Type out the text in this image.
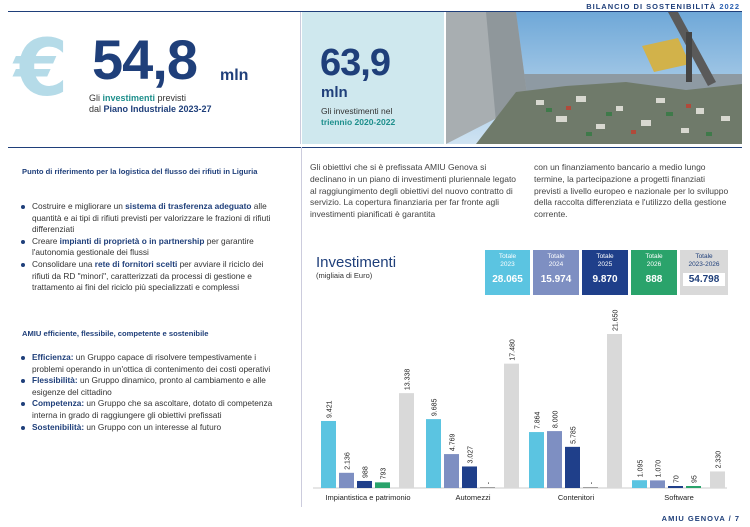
BILANCIO DI SOSTENIBILITÀ 2022
€ 54,8 mln
Gli investimenti previsti
dal Piano Industriale 2023-27
63,9
mln
Gli investimenti nel
triennio 2020-2022
Punto di riferimento per la logistica del flusso dei rifiuti in Liguria
Costruire e migliorare un sistema di trasferenza adeguato alle quantità e ai tipi di rifiuti previsti per valorizzare le frazioni di rifiuti differenziati
Creare impianti di proprietà o in partnership per garantire l'autonomia gestionale dei flussi
Consolidare una rete di fornitori scelti per avviare il riciclo dei rifiuti da RD "minori", caratterizzati da processi di gestione e trattamento ai fini del riciclo più specializzati e complessi
AMIU efficiente, flessibile, competente e sostenibile
Efficienza: un Gruppo capace di risolvere tempestivamente i problemi operando in un'ottica di contenimento dei costi operativi
Flessibilità: un Gruppo dinamico, pronto al cambiamento e alle esigenze del cittadino
Competenza: un Gruppo che sa ascoltare, dotato di competenza interna in grado di raggiungere gli obiettivi prefissati
Sostenibilità: un Gruppo con un interesse al futuro
Gli obiettivi che si è prefissata AMIU Genova si declinano in un piano di investimenti pluriennale legato al raggiungimento degli obiettivi del nuovo contratto di servizio. La copertura finanziaria per far fronte agli investimenti pianificati è garantita
con un finanziamento bancario a medio lungo termine, la partecipazione a progetti finanziati previsti a livello europeo e nazionale per lo sviluppo della raccolta differenziata e l'utilizzo della gestione corrente.
Investimenti
(migliaia di Euro)
Totale
2023
28.065
Totale
2024
15.974
Totale
2025
9.870
Totale
2026
888
Totale
2023-2026
54.798
9.421
2.136
988 793
13.338
Impiantistica e patrimonio
9.685
4.769
3.027
-
17.480
Automezzi
7.864 8.000
5.785
-
21.650
Contenitori
1.095 1.070
70 95
2.330
Software
AMIU GENOVA / 7
